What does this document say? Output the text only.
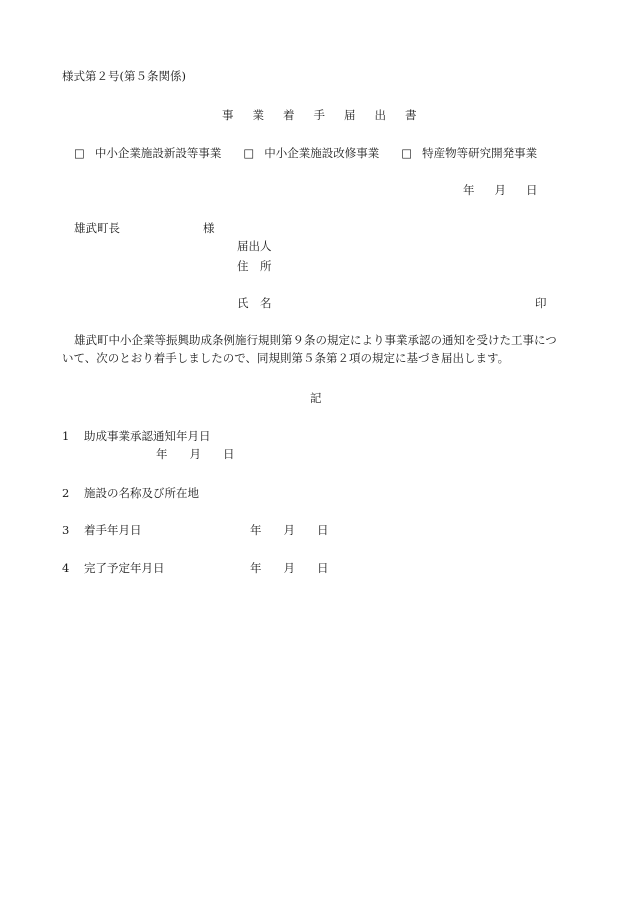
様式第２号(第５条関係)
事 業 着 手 届 出 書
□ 中小企業施設新設等事業 □ 中小企業施設改修事業 □ 特産物等研究開発事業
年 月 日
雄武町長	様
届出人
住　所
氏　名	印
雄武町中小企業等振興助成条例施行規則第９条の規定により事業承認の通知を受けた工事について、次のとおり着手しましたので、同規則第５条第２項の規定に基づき届出します。
記
1 助成事業承認通知年月日
年 月 日
2 施設の名称及び所在地
3 着手年月日	年 月 日
4 完了予定年月日	年 月 日
